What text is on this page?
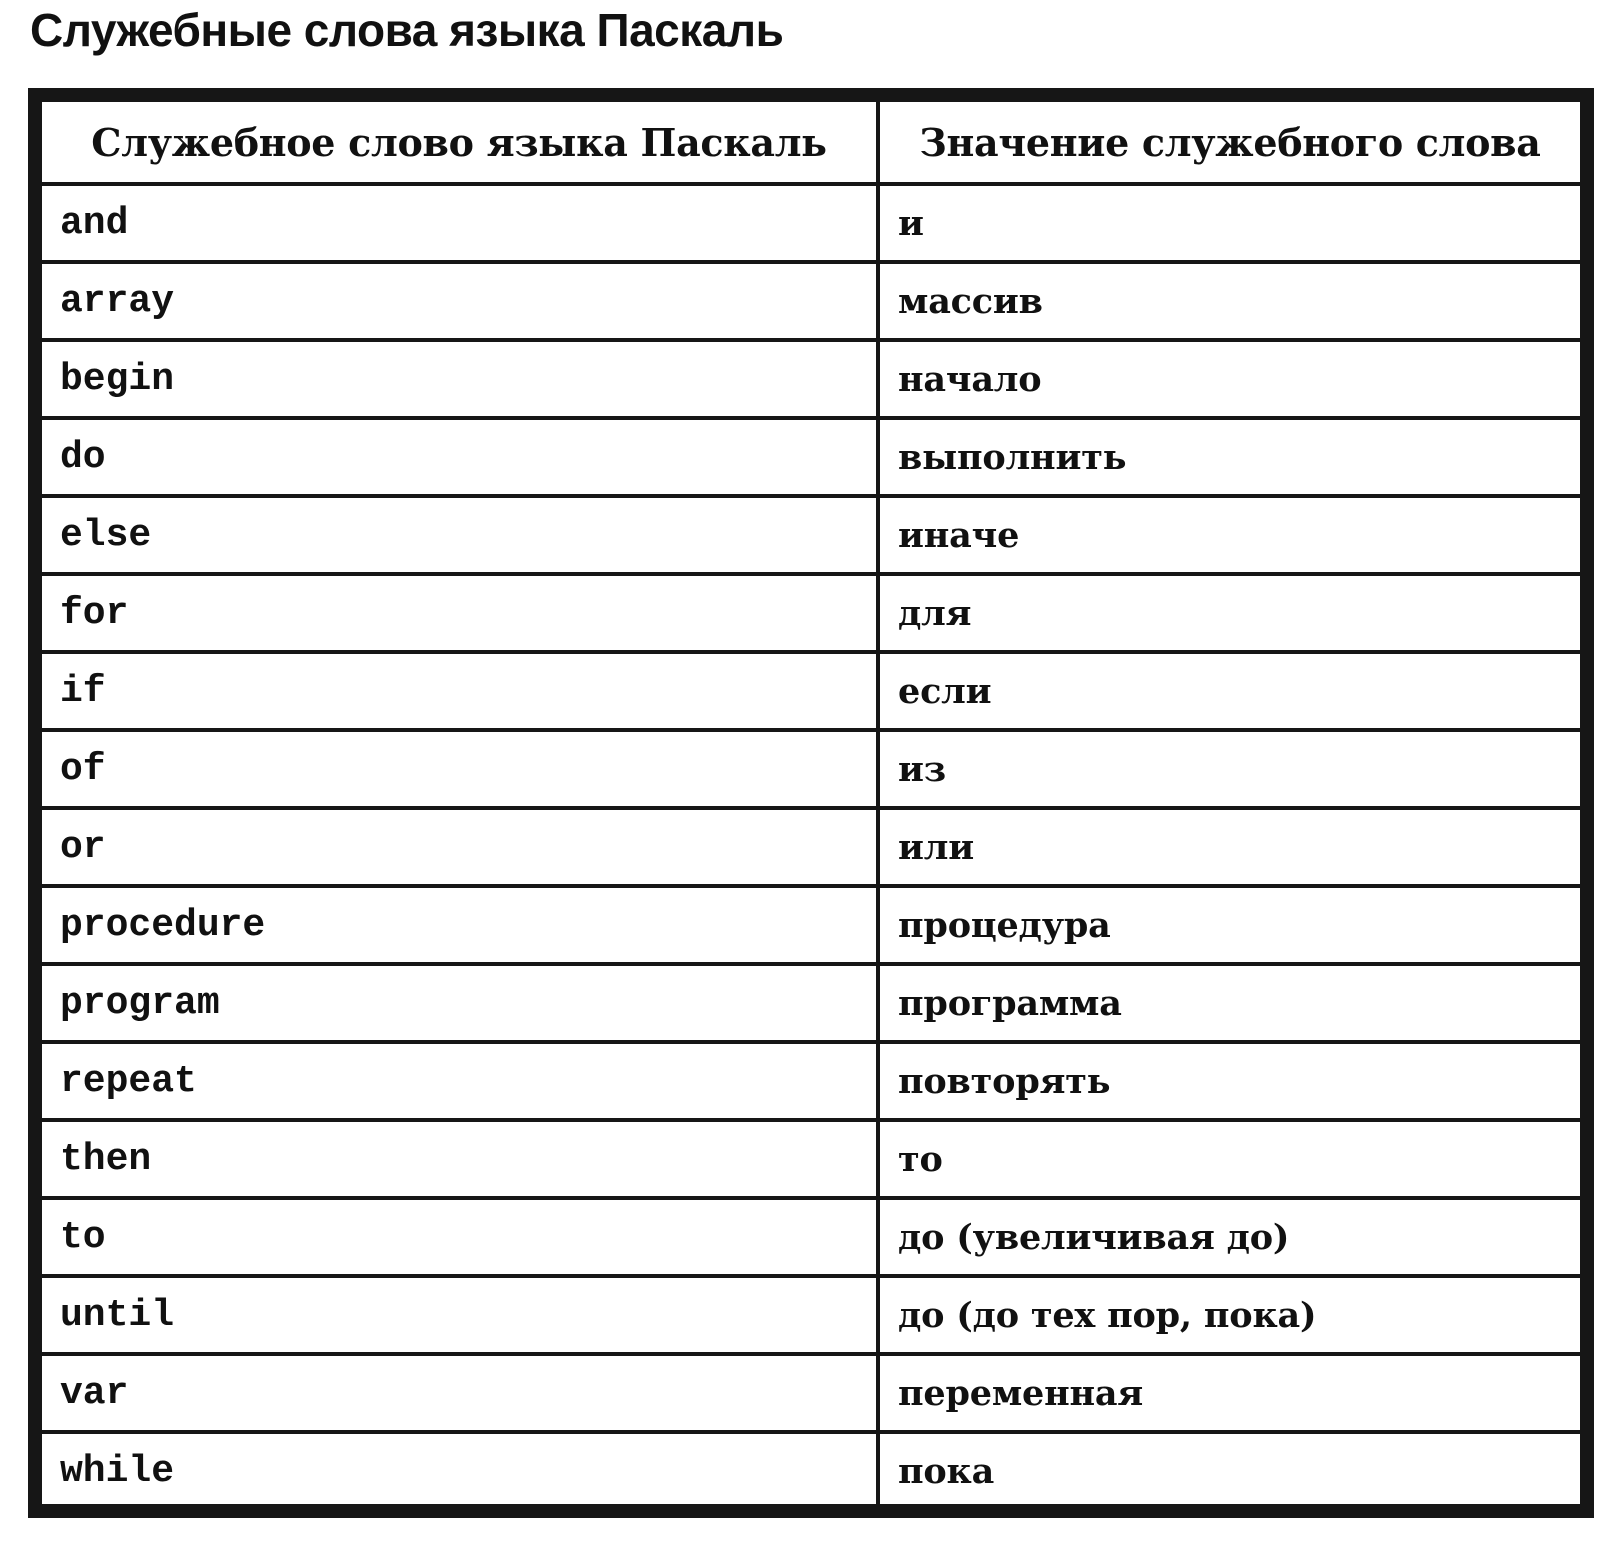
Служебные слова языка Паскаль
Служебное слово языка Паскаль	Значение служебного слова
and	и
array	массив
begin	начало
do	выполнить
else	иначе
for	для
if	если
of	из
or	или
procedure	процедура
program	программа
repeat	повторять
then	то
to	до (увеличивая до)
until	до (до тех пор, пока)
var	переменная
while	пока
